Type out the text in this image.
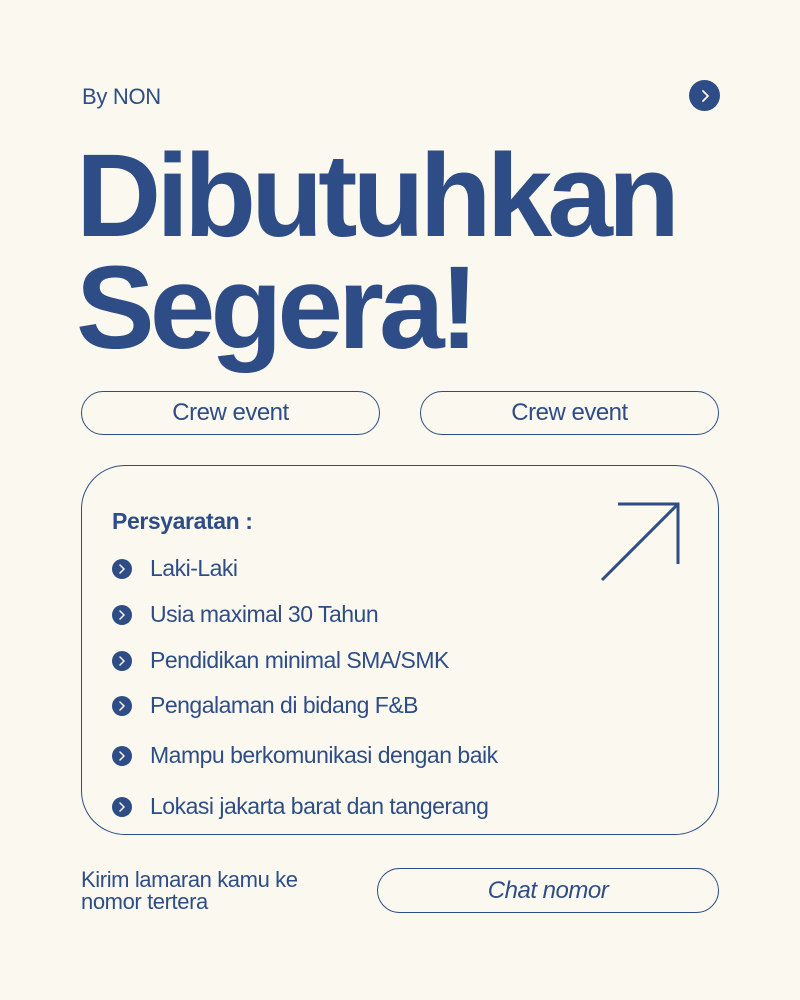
By NON
Dibutuhkan
Segera!
Crew event	Crew event
Persyaratan :
Laki-Laki
Usia maximal 30 Tahun
Pendidikan minimal SMA/SMK
Pengalaman di bidang F&B
Mampu berkomunikasi dengan baik
Lokasi jakarta barat dan tangerang
Kirim lamaran kamu ke
nomor tertera	Chat nomor
